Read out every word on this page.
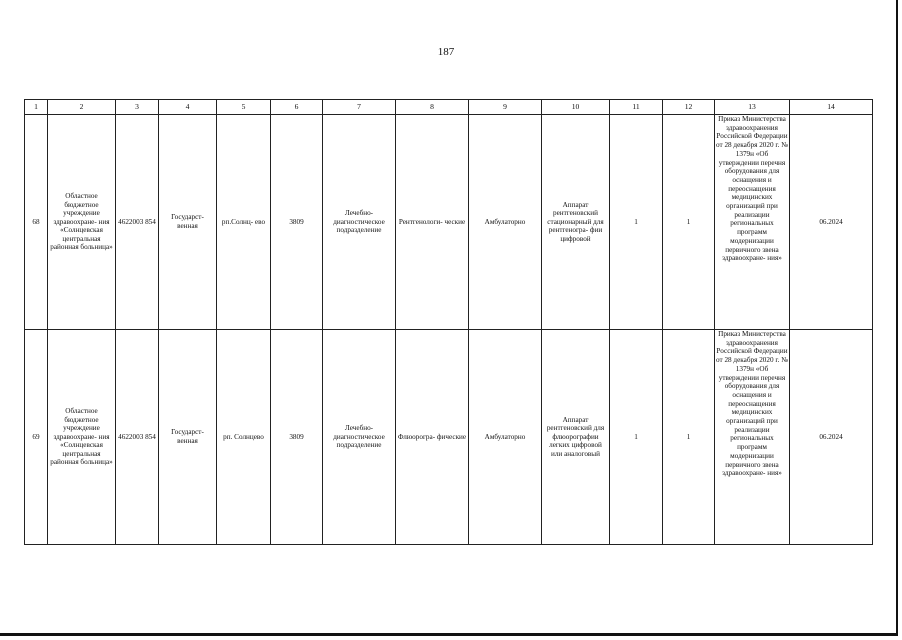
187
1	2	3	4	5	6	7	8	9	10	11	12	13	14
68	Областное бюджетное учреждение здравоохране- ния «Солнцевская центральная районная больница»	4622003 854	Государст- венная	рп.Солнц- ево	3809	Лечебно- диагностическое подразделение	Рентгенологи- ческие	Амбулаторно	Аппарат рентгеновский стационарный для рентгеногра- фии цифровой	1	1	Приказ Министерства здравоохранения Российской Федерации от 28 декабря 2020 г. № 1379н «Об утверждении перечня оборудования для оснащения и переоснащения медицинских организаций при реализации региональных программ модернизации первичного звена здравоохране- ния»	06.2024
69	Областное бюджетное учреждение здравоохране- ния «Солнцевская центральная районная больница»	4622003 854	Государст- венная	рп. Солнцево	3809	Лечебно- диагностическое подразделение	Флюорогра- фические	Амбулаторно	Аппарат рентгеновский для флюорографии легких цифровой или аналоговый	1	1	Приказ Министерства здравоохранения Российской Федерации от 28 декабря 2020 г. № 1379н «Об утверждении перечня оборудования для оснащения и переоснащения медицинских организаций при реализации региональных программ модернизации первичного звена здравоохране- ния»	06.2024
